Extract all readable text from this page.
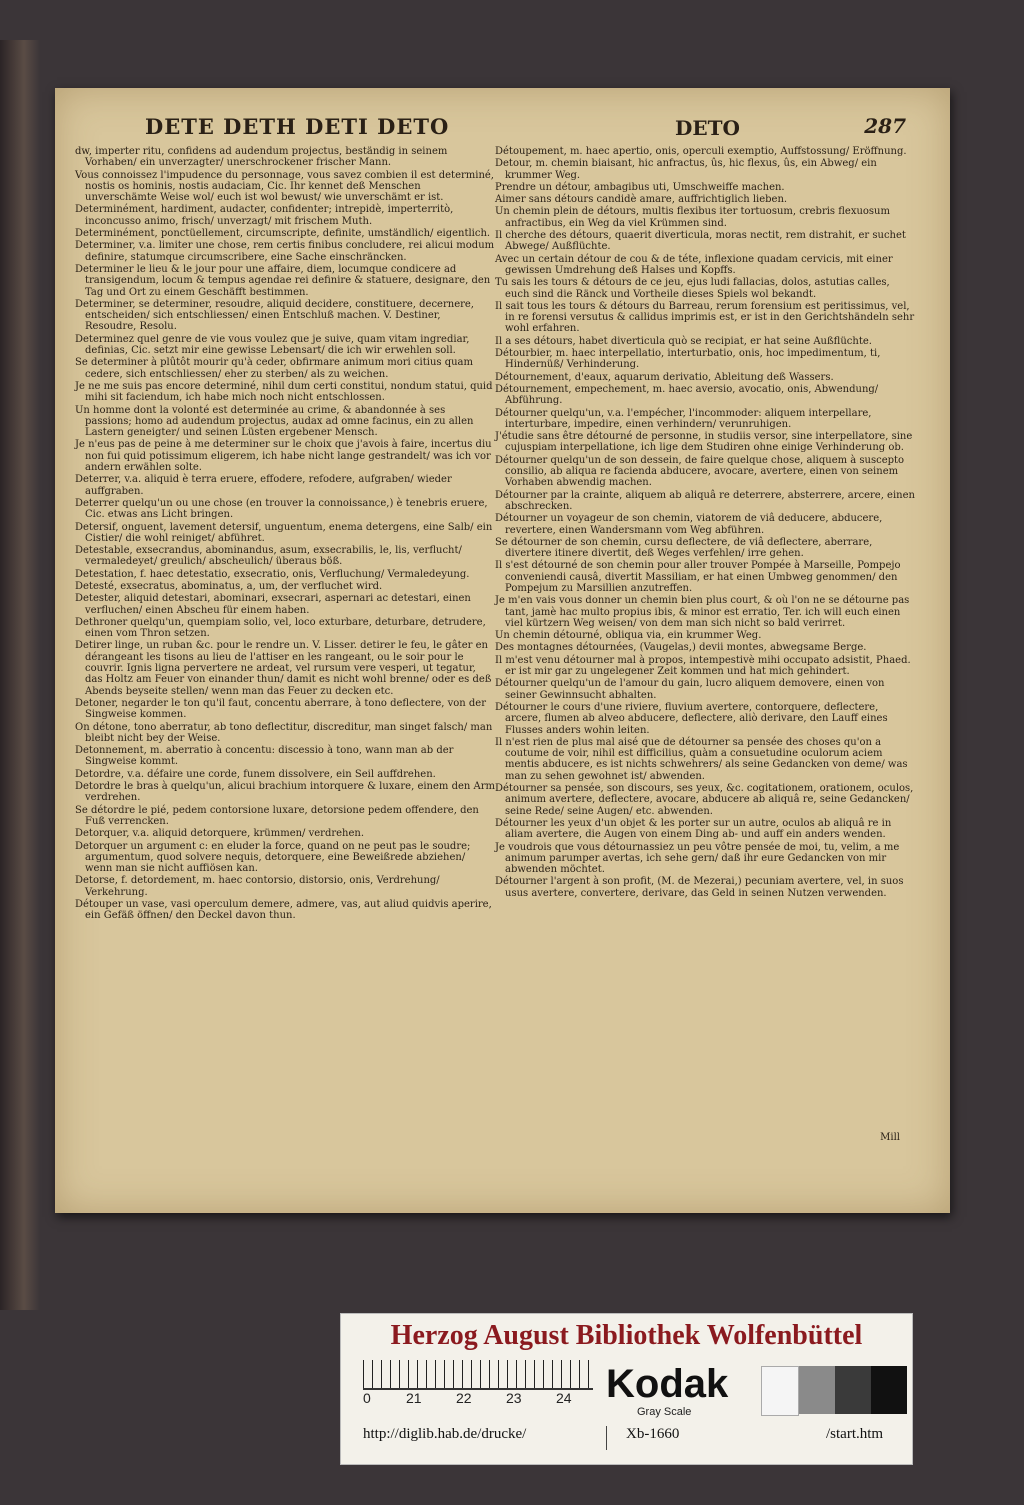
DETE DETH DETI DETO	DETO	287
dw, imperter ritu, confidens ad audendum projectus, beständig in seinem Vorhaben/ ein unverzagter/ unerschrockener frischer Mann.
Vous connoissez l'impudence du personnage, vous savez combien il est determiné, nostis os hominis, nostis audaciam, Cic. Ihr kennet deß Menschen unverschämte Weise wol/ euch ist wol bewust/ wie unverschämt er ist.
Determinément, hardiment, audacter, confidenter; intrepidè, imperterritò, inconcusso animo, frisch/ unverzagt/ mit frischem Muth.
Determinément, ponctüellement, circumscripte, definite, umständlich/ eigentlich.
Determiner, v.a. limiter une chose, rem certis finibus concludere, rei alicui modum definire, statumque circumscribere, eine Sache einschräncken.
Determiner le lieu & le jour pour une affaire, diem, locumque condicere ad transigendum, locum & tempus agendae rei definire & statuere, designare, den Tag und Ort zu einem Geschäfft bestimmen.
Determiner, se determiner, resoudre, aliquid decidere, constituere, decernere, entscheiden/ sich entschliessen/ einen Entschluß machen. V. Destiner, Resoudre, Resolu.
Determinez quel genre de vie vous voulez que je suive, quam vitam ingrediar, definias, Cic. setzt mir eine gewisse Lebensart/ die ich wir erwehlen soll.
Se determiner à plûtôt mourir qu'à ceder, obfirmare animum mori citius quam cedere, sich entschliessen/ eher zu sterben/ als zu weichen.
Je ne me suis pas encore determiné, nihil dum certi constitui, nondum statui, quid mihi sit faciendum, ich habe mich noch nicht entschlossen.
Un homme dont la volonté est determinée au crime, & abandonnée à ses passions; homo ad audendum projectus, audax ad omne facinus, ein zu allen Lastern geneigter/ und seinen Lüsten ergebener Mensch.
Je n'eus pas de peine à me determiner sur le choix que j'avois à faire, incertus diu non fui quid potissimum eligerem, ich habe nicht lange gestrandelt/ was ich vor andern erwählen solte.
Deterrer, v.a. aliquid è terra eruere, effodere, refodere, aufgraben/ wieder auffgraben.
Deterrer quelqu'un ou une chose (en trouver la connoissance,) è tenebris eruere, Cic. etwas ans Licht bringen.
Detersif, onguent, lavement detersif, unguentum, enema detergens, eine Salb/ ein Cistier/ die wohl reiniget/ abführet.
Detestable, exsecrandus, abominandus, asum, exsecrabilis, le, lis, verflucht/ vermaledeyet/ greulich/ abscheulich/ überaus böß.
Detestation, f. haec detestatio, exsecratio, onis, Verfluchung/ Vermaledeyung.
Detesté, exsecratus, abominatus, a, um, der verfluchet wird.
Detester, aliquid detestari, abominari, exsecrari, aspernari ac detestari, einen verfluchen/ einen Abscheu für einem haben.
Dethroner quelqu'un, quempiam solio, vel, loco exturbare, deturbare, detrudere, einen vom Thron setzen.
Detirer linge, un ruban &c. pour le rendre un. V. Lisser. detirer le feu, le gâter en dérangeant les tisons au lieu de l'attiser en les rangeant, ou le soir pour le couvrir. Ignis ligna pervertere ne ardeat, vel rursum vere vesperi, ut tegatur, das Holtz am Feuer von einander thun/ damit es nicht wohl brenne/ oder es deß Abends beyseite stellen/ wenn man das Feuer zu decken etc.
Detoner, negarder le ton qu'il faut, concentu aberrare, à tono deflectere, von der Singweise kommen.
On détone, tono aberratur, ab tono deflectitur, discreditur, man singet falsch/ man bleibt nicht bey der Weise.
Detonnement, m. aberratio à concentu: discessio à tono, wann man ab der Singweise kommt.
Detordre, v.a. défaire une corde, funem dissolvere, ein Seil auffdrehen.
Detordre le bras à quelqu'un, alicui brachium intorquere & luxare, einem den Arm verdrehen.
Se détordre le pié, pedem contorsione luxare, detorsione pedem offendere, den Fuß verrencken.
Detorquer, v.a. aliquid detorquere, krümmen/ verdrehen.
Detorquer un argument c: en eluder la force, quand on ne peut pas le soudre; argumentum, quod solvere nequis, detorquere, eine Beweißrede abziehen/ wenn man sie nicht auffiösen kan.
Detorse, f. detordement, m. haec contorsio, distorsio, onis, Verdrehung/ Verkehrung.
Détouper un vase, vasi operculum demere, admere, vas, aut aliud quidvis aperire, ein Gefäß öffnen/ den Deckel davon thun.
Détoupement, m. haec apertio, onis, operculi exemptio, Auffstossung/ Eröffnung.
Detour, m. chemin biaisant, hic anfractus, ûs, hic flexus, ûs, ein Abweg/ ein krummer Weg.
Prendre un détour, ambagibus uti, Umschweiffe machen.
Aimer sans détours candidè amare, auffrichtiglich lieben.
Un chemin plein de détours, multis flexibus iter tortuosum, crebris flexuosum anfractibus, ein Weg da viel Krümmen sind.
Il cherche des détours, quaerit diverticula, moras nectit, rem distrahit, er suchet Abwege/ Außflüchte.
Avec un certain détour de cou & de téte, inflexione quadam cervicis, mit einer gewissen Umdrehung deß Halses und Kopffs.
Tu sais les tours & détours de ce jeu, ejus ludi fallacias, dolos, astutias calles, euch sind die Ränck und Vortheile dieses Spiels wol bekandt.
Il sait tous les tours & détours du Barreau, rerum forensium est peritissimus, vel, in re forensi versutus & callidus imprimis est, er ist in den Gerichtshändeln sehr wohl erfahren.
Il a ses détours, habet diverticula quò se recipiat, er hat seine Außflüchte.
Détourbier, m. haec interpellatio, interturbatio, onis, hoc impedimentum, ti, Hindernüß/ Verhinderung.
Détournement, d'eaux, aquarum derivatio, Ableitung deß Wassers.
Détournement, empechement, m. haec aversio, avocatio, onis, Abwendung/ Abführung.
Détourner quelqu'un, v.a. l'empécher, l'incommoder: aliquem interpellare, interturbare, impedire, einen verhindern/ verunruhigen.
J'étudie sans être détourné de personne, in studiis versor, sine interpellatore, sine cujuspiam interpellatione, ich lige dem Studiren ohne einige Verhinderung ob.
Détourner quelqu'un de son dessein, de faire quelque chose, aliquem à suscepto consilio, ab aliqua re facienda abducere, avocare, avertere, einen von seinem Vorhaben abwendig machen.
Détourner par la crainte, aliquem ab aliquâ re deterrere, absterrere, arcere, einen abschrecken.
Détourner un voyageur de son chemin, viatorem de viâ deducere, abducere, revertere, einen Wandersmann vom Weg abführen.
Se détourner de son chemin, cursu deflectere, de viâ deflectere, aberrare, divertere itinere divertit, deß Weges verfehlen/ irre gehen.
Il s'est détourné de son chemin pour aller trouver Pompée à Marseille, Pompejo conveniendi causâ, divertit Massiliam, er hat einen Umbweg genommen/ den Pompejum zu Marsillien anzutreffen.
Je m'en vais vous donner un chemin bien plus court, & où l'on ne se détourne pas tant, jamè hac multo propius ibis, & minor est erratio, Ter. ich will euch einen viel kürtzern Weg weisen/ von dem man sich nicht so bald verirret.
Un chemin détourné, obliqua via, ein krummer Weg.
Des montagnes détournées, (Vaugelas,) devii montes, abwegsame Berge.
Il m'est venu détourner mal à propos, intempestivè mihi occupato adsistit, Phaed. er ist mir gar zu ungelegener Zeit kommen und hat mich gehindert.
Détourner quelqu'un de l'amour du gain, lucro aliquem demovere, einen von seiner Gewinnsucht abhalten.
Détourner le cours d'une riviere, fluvium avertere, contorquere, deflectere, arcere, flumen ab alveo abducere, deflectere, aliò derivare, den Lauff eines Flusses anders wohin leiten.
Il n'est rien de plus mal aisé que de détourner sa pensée des choses qu'on a coutume de voir, nihil est difficilius, quàm a consuetudine oculorum aciem mentis abducere, es ist nichts schwehrers/ als seine Gedancken von deme/ was man zu sehen gewohnet ist/ abwenden.
Détourner sa pensée, son discours, ses yeux, &c. cogitationem, orationem, oculos, animum avertere, deflectere, avocare, abducere ab aliquâ re, seine Gedancken/ seine Rede/ seine Augen/ etc. abwenden.
Détourner les yeux d'un objet & les porter sur un autre, oculos ab aliquâ re in aliam avertere, die Augen von einem Ding ab- und auff ein anders wenden.
Je voudrois que vous détournassiez un peu vôtre pensée de moi, tu, velim, a me animum parumper avertas, ich sehe gern/ daß ihr eure Gedancken von mir abwenden möchtet.
Détourner l'argent à son profit, (M. de Mezerai,) pecuniam avertere, vel, in suos usus avertere, convertere, derivare, das Geld in seinen Nutzen verwenden.
Mill
Herzog August Bibliothek Wolfenbüttel
0	21 22 23 24 Kodak
Gray Scale
http://diglib.hab.de/drucke/	Xb-1660	/start.htm
